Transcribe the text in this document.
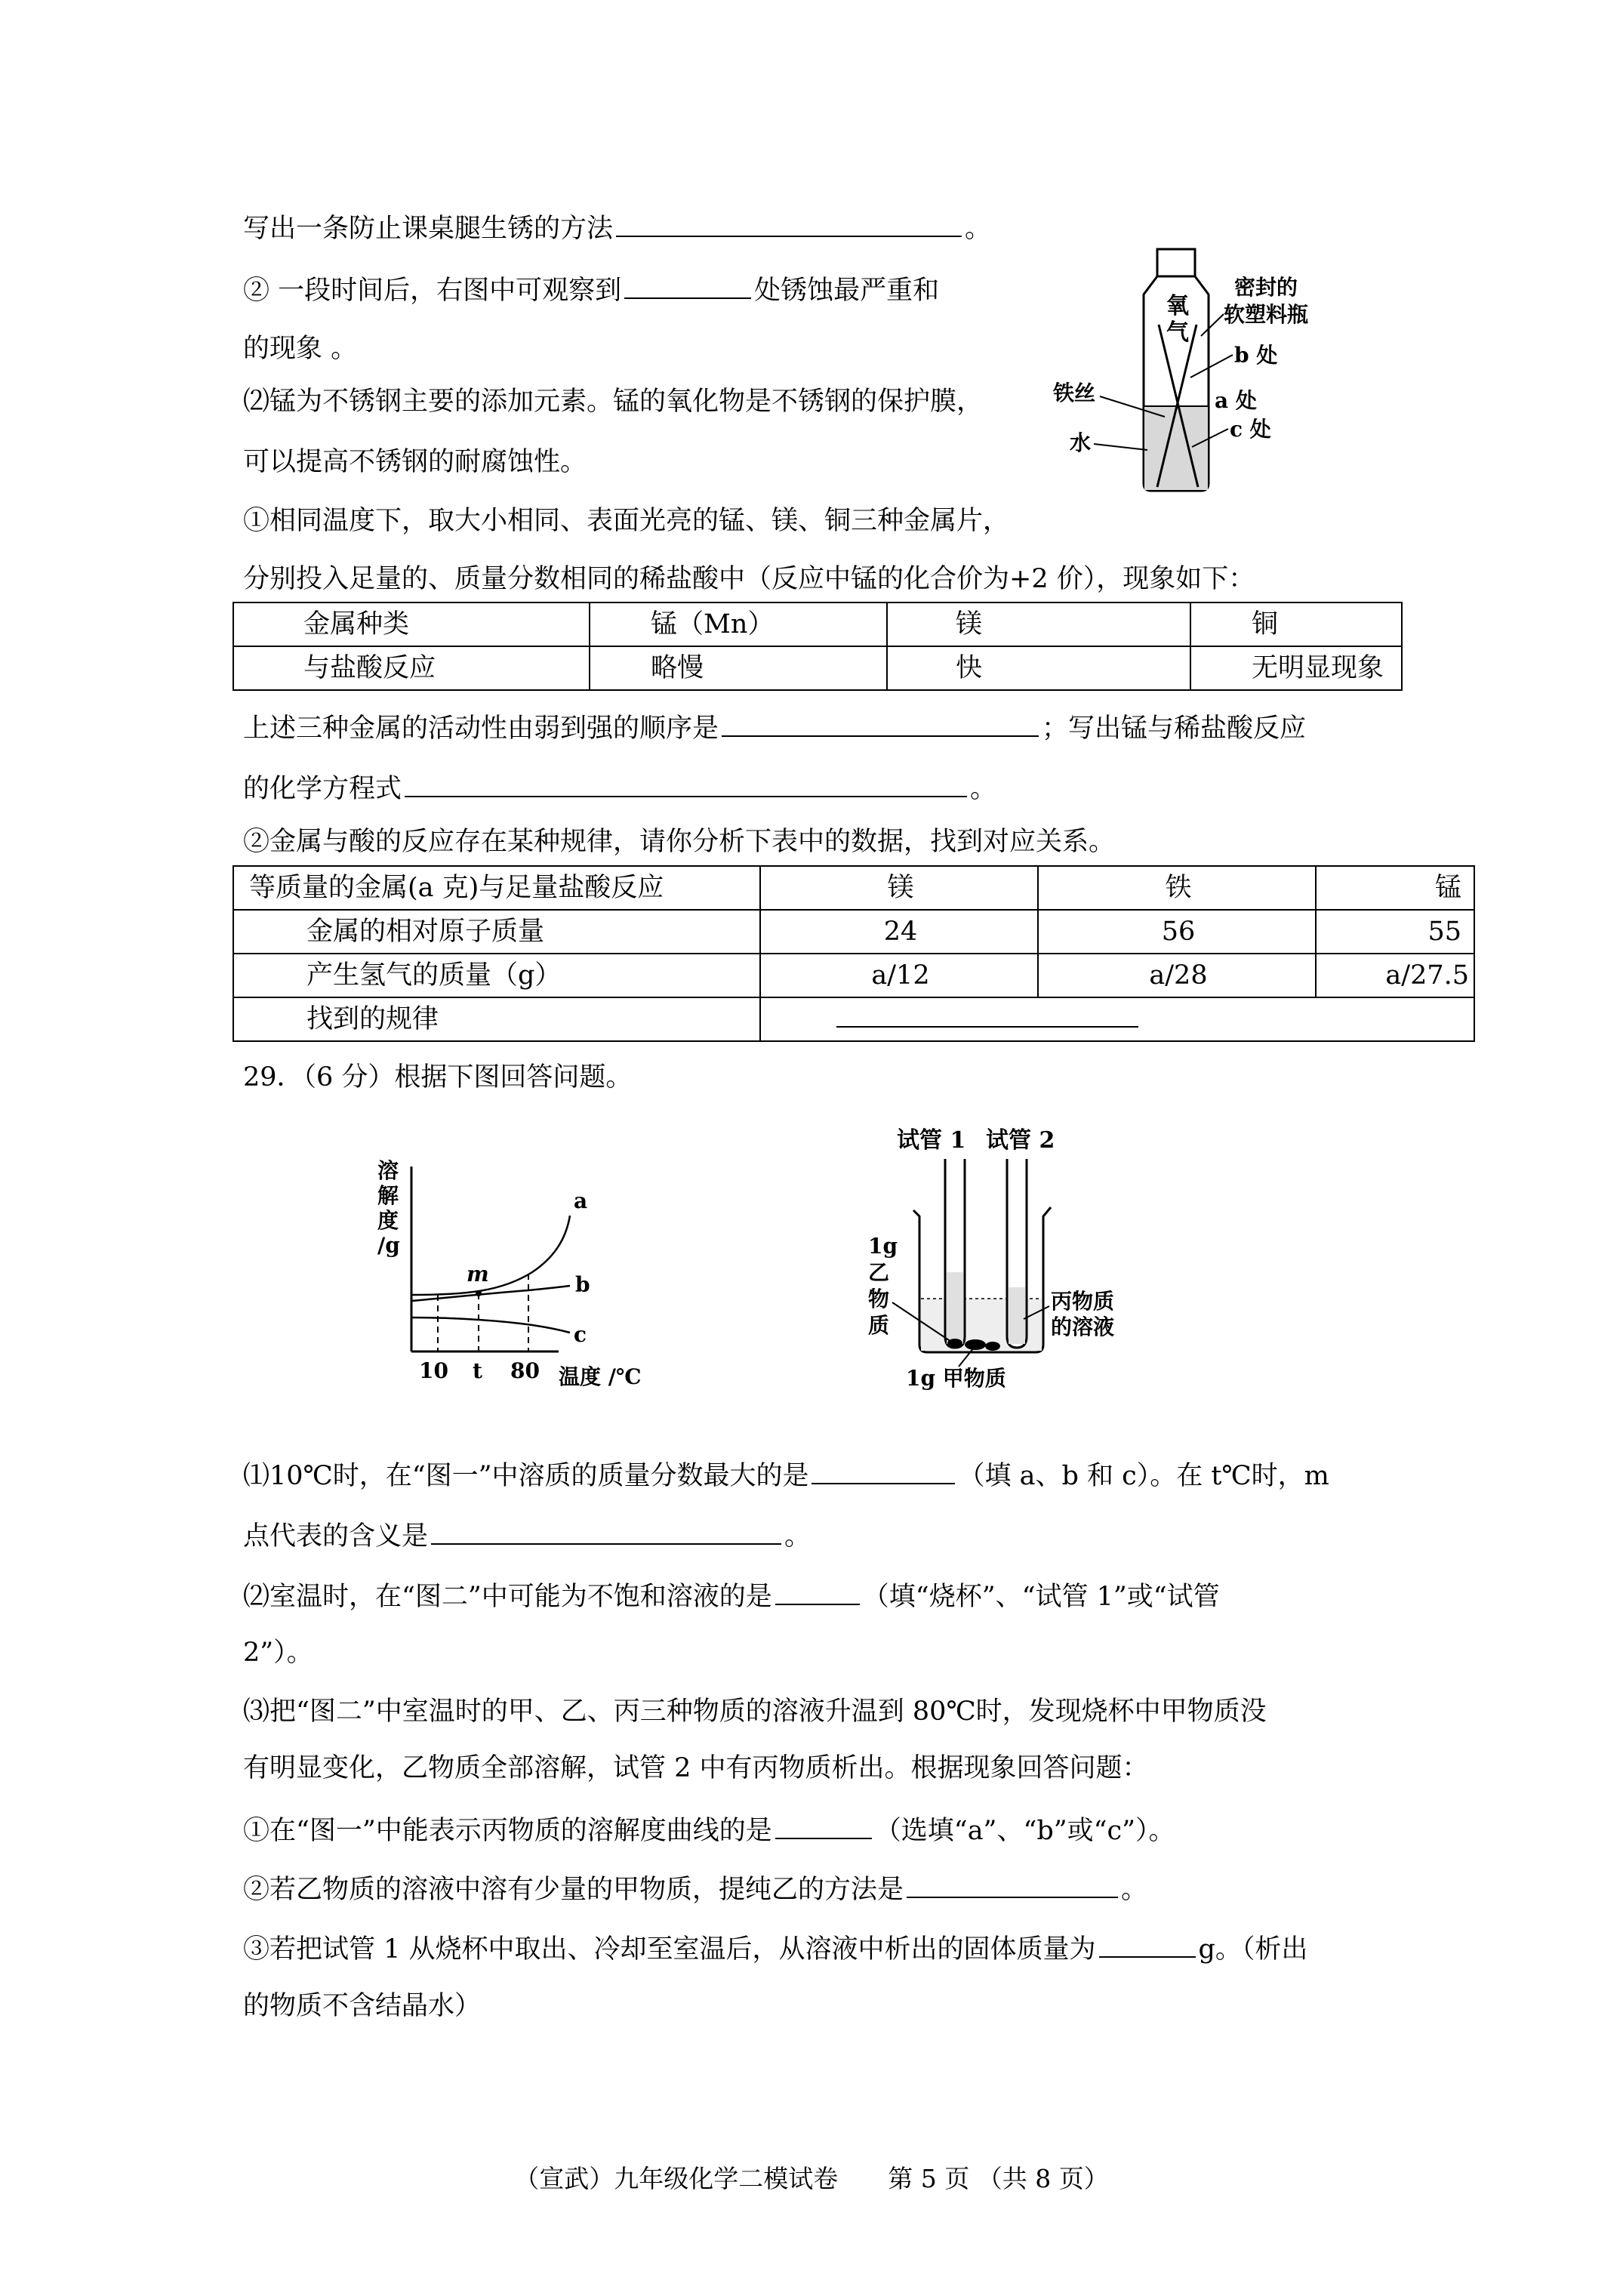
写出一条防止课桌腿生锈的方法	。
② 一段时间后，右图中可观察到	处锈蚀最严重和
的现象 。
⑵锰为不锈钢主要的添加元素。锰的氧化物是不锈钢的保护膜，
可以提高不锈钢的耐腐蚀性。
①相同温度下，取大小相同、表面光亮的锰、镁、铜三种金属片，
分别投入足量的、质量分数相同的稀盐酸中（反应中锰的化合价为+2 价），现象如下：
金属种类	锰（Mn）	镁	铜
与盐酸反应	略慢	快	无明显现象
上述三种金属的活动性由弱到强的顺序是	；写出锰与稀盐酸反应
的化学方程式	。
②金属与酸的反应存在某种规律，请你分析下表中的数据，找到对应关系。
等质量的金属(a 克)与足量盐酸反应	镁	铁	锰
金属的相对原子质量	24	56	55
产生氢气的质量（g）	a/12	a/28	a/27.5
找到的规律			
29．（6 分）根据下图回答问题。
⑴10℃时，在“图一”中溶质的质量分数最大的是	（填 a、b 和 c）。在 t℃时，m
点代表的含义是	。
⑵室温时，在“图二”中可能为不饱和溶液的是	（填“烧杯”、“试管 1”或“试管
2”）。
⑶把“图二”中室温时的甲、乙、丙三种物质的溶液升温到 80℃时，发现烧杯中甲物质没
有明显变化，乙物质全部溶解，试管 2 中有丙物质析出。根据现象回答问题：
①在“图一”中能表示丙物质的溶解度曲线的是	（选填“a”、“b”或“c”）。
②若乙物质的溶液中溶有少量的甲物质，提纯乙的方法是	。
③若把试管 1 从烧杯中取出、冷却至室温后，从溶液中析出的固体质量为	g。（析出
的物质不含结晶水）
氧
气
密封的
软塑料瓶
b 处
a 处
c 处
铁丝
水
溶
解
度
/g
a
b
c
m
10 t 80 温度 /℃
试管 1 试管 2
1g
乙
物
质
丙物质
的溶液
1g 甲物质
（宣武）九年级化学二模试卷　　第 5 页 （共 8 页）
